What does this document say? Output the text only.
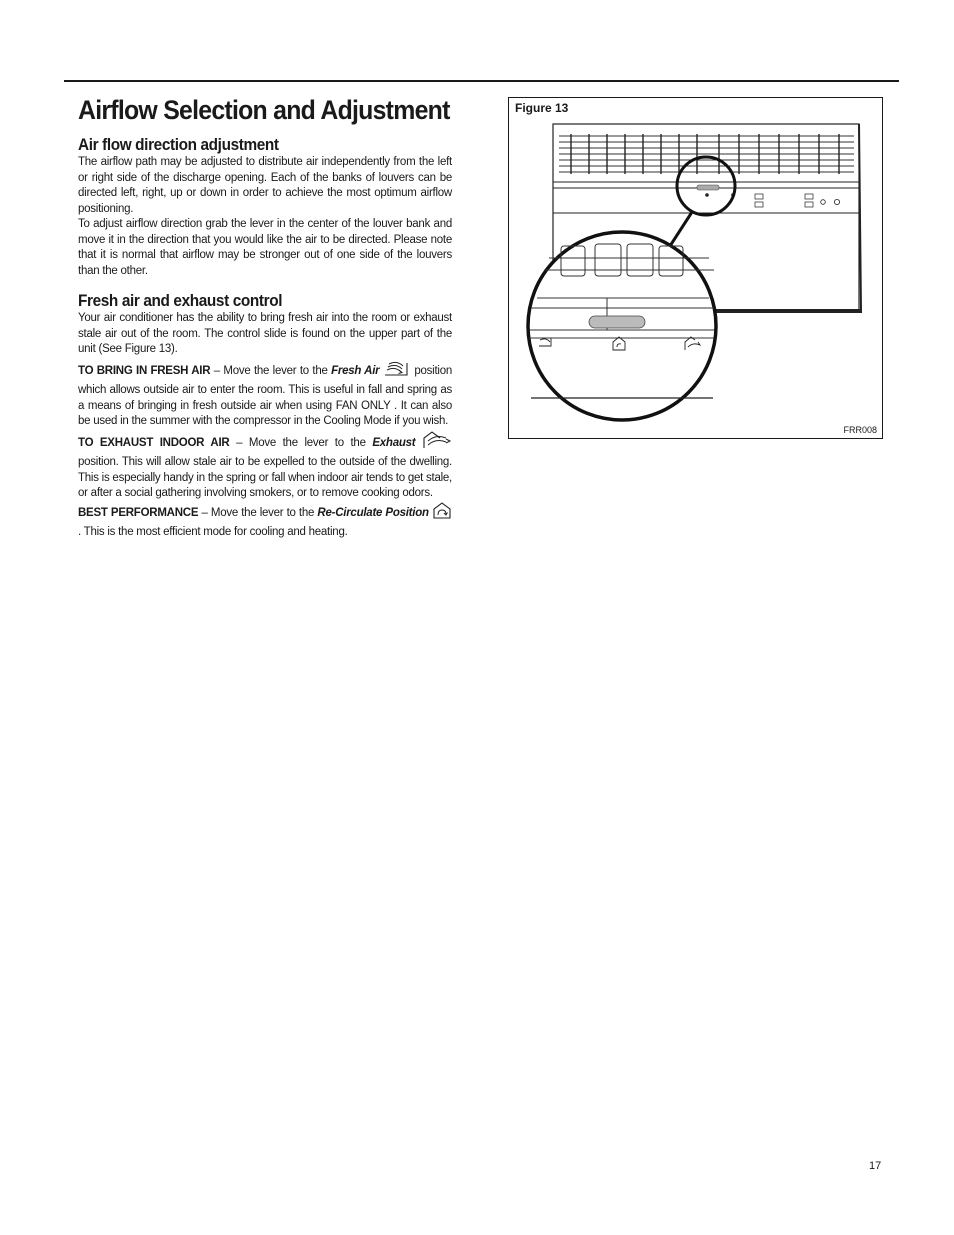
Airflow Selection and Adjustment
Air flow direction adjustment

The airflow path may be adjusted to distribute air independently from the left or right side of the discharge opening. Each of the banks of louvers can be directed left, right, up or down in order to achieve the most optimum airflow positioning.

To adjust airflow direction grab the lever in the center of the louver bank and move it in the direction that you would like the air to be directed. Please note that it is normal that airflow may be stronger out of one side of the louvers than the other.

Fresh air and exhaust control

Your air conditioner has the ability to bring fresh air into the room or exhaust stale air out of the room. The control slide is found on the upper part of the unit (See Figure 13).

TO BRING IN FRESH AIR – Move the lever to the Fresh Air	position which allows outside air to enter the room. This is useful in fall and spring as a means of bringing in fresh outside air when using FAN ONLY . It can also be used in the summer with the compressor in the Cooling Mode if you wish.

TO EXHAUST INDOOR AIR – Move the lever to the Exhaust  position. This will allow stale air to be expelled to the outside of the dwelling. This is especially handy in the spring or fall when indoor air tends to get stale, or after a social gathering involving smokers, or to remove cooking odors.

BEST PERFORMANCE – Move the lever to the Re-Circulate Position . This is the most efficient mode for cooling and heating.

Figure 13
FRR008
17
